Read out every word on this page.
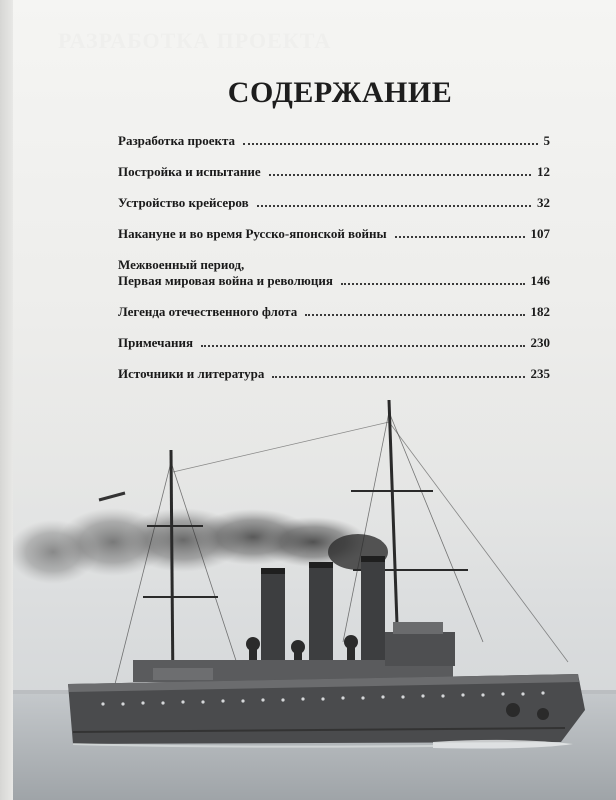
РАЗРАБОТКА ПРОЕКТА
СОДЕРЖАНИЕ
Разработка проекта	5
Постройка и испытание	12
Устройство крейсеров	32
Накануне и во время Русско-японской войны	107
Межвоенный период,
Первая мировая война и революция	146
Легенда отечественного флота	182
Примечания	230
Источники и литература	235
